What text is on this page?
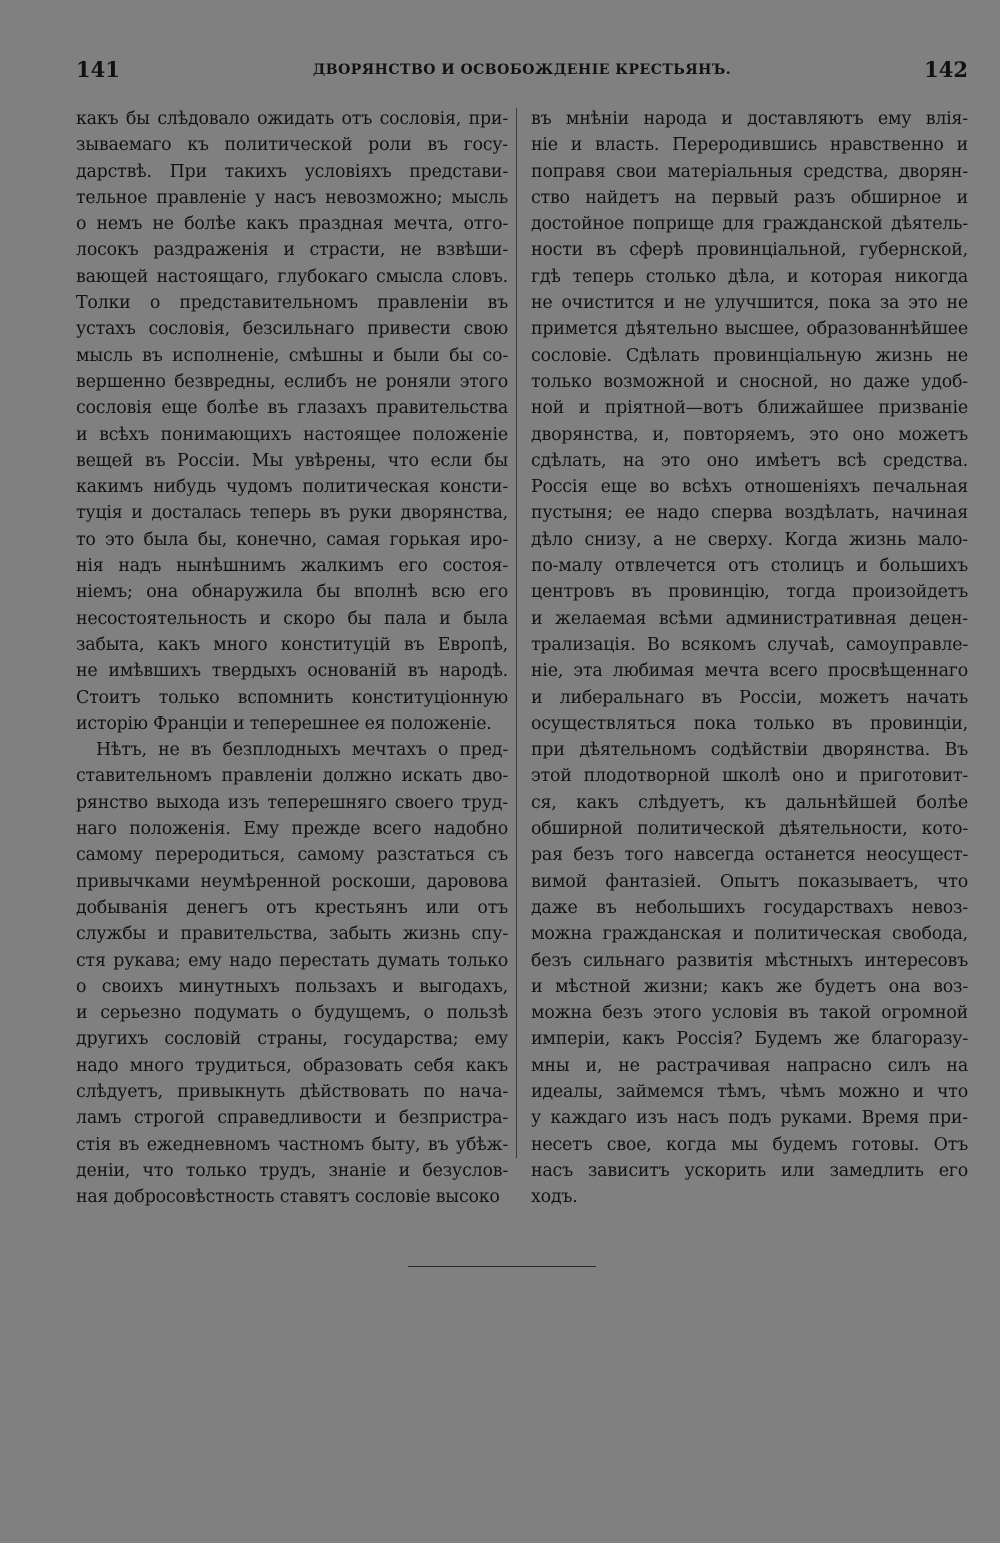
141	ДВОРЯНСТВО И ОСВОБОЖДЕНІЕ КРЕСТЬЯНЪ.	142
какъ бы слѣдовало ожидать отъ сословія, при-
зываемаго къ политической роли въ госу-
дарствѣ. При такихъ условіяхъ представи-
тельное правленіе у насъ невозможно; мысль
о немъ не болѣе какъ праздная мечта, отго-
лосокъ раздраженія и страсти, не взвѣши-
вающей настоящаго, глубокаго смысла словъ.
Толки о представительномъ правленіи въ
устахъ сословія, безсильнаго привести свою
мысль въ исполненіе, смѣшны и были бы со-
вершенно безвредны, еслибъ не роняли этого
сословія еще болѣе въ глазахъ правительства
и всѣхъ понимающихъ настоящее положеніе
вещей въ Россіи. Мы увѣрены, что если бы
какимъ нибудь чудомъ политическая консти-
туція и досталась теперь въ руки дворянства,
то это была бы, конечно, самая горькая иро-
нія надъ нынѣшнимъ жалкимъ его состоя-
ніемъ; она обнаружила бы вполнѣ всю его
несостоятельность и скоро бы пала и была
забыта, какъ много конституцій въ Европѣ,
не имѣвшихъ твердыхъ основаній въ народѣ.
Стоитъ только вспомнить конституціонную
исторію Франціи и теперешнее ея положеніе.
Нѣтъ, не въ безплодныхъ мечтахъ о пред-
ставительномъ правленіи должно искать дво-
рянство выхода изъ теперешняго своего труд-
наго положенія. Ему прежде всего надобно
самому переродиться, самому разстаться съ
привычками неумѣренной роскоши, даровова
добыванія денегъ отъ крестьянъ или отъ
службы и правительства, забыть жизнь спу-
стя рукава; ему надо перестать думать только
о своихъ минутныхъ пользахъ и выгодахъ,
и серьезно подумать о будущемъ, о пользѣ
другихъ сословій страны, государства; ему
надо много трудиться, образовать себя какъ
слѣдуетъ, привыкнуть дѣйствовать по нача-
ламъ строгой справедливости и безпристра-
стія въ ежедневномъ частномъ быту, въ убѣж-
деніи, что только трудъ, знаніе и безуслов-
ная добросовѣстность ставятъ сословіе высоко
въ мнѣніи народа и доставляютъ ему влія-
ніе и власть. Переродившись нравственно и
поправя свои матеріальныя средства, дворян-
ство найдетъ на первый разъ обширное и
достойное поприще для гражданской дѣятель-
ности въ сферѣ провинціальной, губернской,
гдѣ теперь столько дѣла, и которая никогда
не очистится и не улучшится, пока за это не
примется дѣятельно высшее, образованнѣйшее
сословіе. Сдѣлать провинціальную жизнь не
только возможной и сносной, но даже удоб-
ной и пріятной—вотъ ближайшее призваніе
дворянства, и, повторяемъ, это оно можетъ
сдѣлать, на это оно имѣетъ всѣ средства.
Россія еще во всѣхъ отношеніяхъ печальная
пустыня; ее надо сперва воздѣлать, начиная
дѣло снизу, а не сверху. Когда жизнь мало-
по-малу отвлечется отъ столицъ и большихъ
центровъ въ провинцію, тогда произойдетъ
и желаемая всѣми административная децен-
трализація. Во всякомъ случаѣ, самоуправле-
ніе, эта любимая мечта всего просвѣщеннаго
и либеральнаго въ Россіи, можетъ начать
осуществляться пока только въ провинціи,
при дѣятельномъ содѣйствіи дворянства. Въ
этой плодотворной школѣ оно и приготовит-
ся, какъ слѣдуетъ, къ дальнѣйшей болѣе
обширной политической дѣятельности, кото-
рая безъ того навсегда останется неосущест-
вимой фантазіей. Опытъ показываетъ, что
даже въ небольшихъ государствахъ невоз-
можна гражданская и политическая свобода,
безъ сильнаго развитія мѣстныхъ интересовъ
и мѣстной жизни; какъ же будетъ она воз-
можна безъ этого условія въ такой огромной
имперіи, какъ Россія? Будемъ же благоразу-
мны и, не растрачивая напрасно силъ на
идеалы, займемся тѣмъ, чѣмъ можно и что
у каждаго изъ насъ подъ руками. Время при-
несетъ свое, когда мы будемъ готовы. Отъ
насъ зависитъ ускорить или замедлить его
ходъ.
